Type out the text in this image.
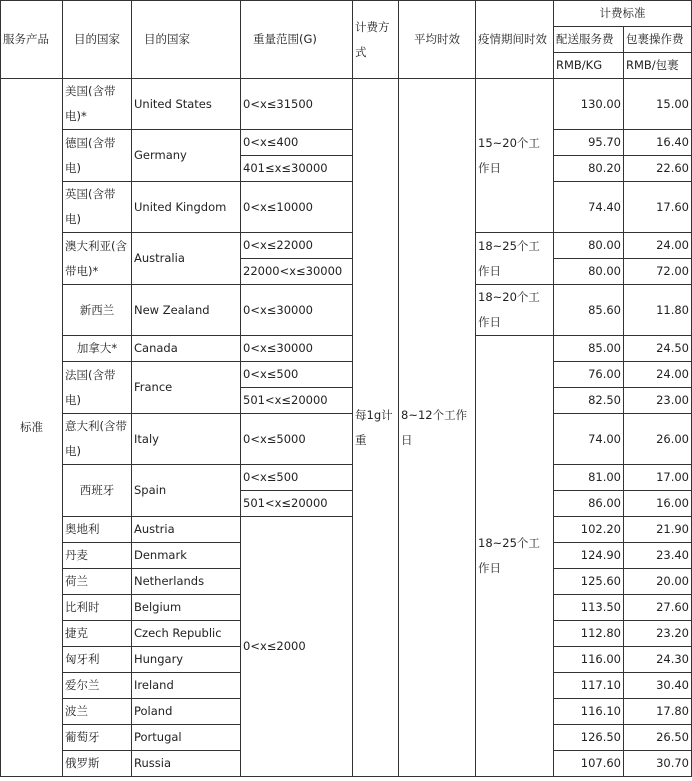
服务产品	目的国家	目的国家	重量范围(G)	计费方式	平均时效	疫情期间时效	计费标准	
							配送服务费	包裹操作费

							RMB/KG	RMB/包裹
标准	美国(含带电)*	United States	0<x≤31500	每1g计重	8~12个工作日	15~20个工作日	130.00	15.00

	德国(含带电)	Germany	0<x≤400				95.70	16.40
			401≤x≤30000				80.20	22.60
	英国(含带电)	United Kingdom	0<x≤10000				74.40	17.60

	澳大利亚(含带电)*	Australia	0<x≤22000			18~25个工作日	80.00	24.00
			22000<x≤30000				80.00	72.00
	新西兰	New Zealand	0<x≤30000			18~20个工作日	85.60	11.80

	加拿大*	Canada	0<x≤30000			18~25个工作日	85.00	24.50
	法国(含带电)	France	0<x≤500				76.00	24.00
			501<x≤20000				82.50	23.00
	意大利(含带电)	Italy	0<x≤5000				74.00	26.00

	西班牙	Spain	0<x≤500				81.00	17.00
			501<x≤20000				86.00	16.00
	奥地利	Austria	0<x≤2000				102.20	21.90
	丹麦	Denmark					124.90	23.40
	荷兰	Netherlands					125.60	20.00
	比利时	Belgium					113.50	27.60
	捷克	Czech Republic					112.80	23.20
	匈牙利	Hungary					116.00	24.30
	爱尔兰	Ireland					117.10	30.40
	波兰	Poland					116.10	17.80
	葡萄牙	Portugal					126.50	26.50
	俄罗斯	Russia					107.60	30.70
